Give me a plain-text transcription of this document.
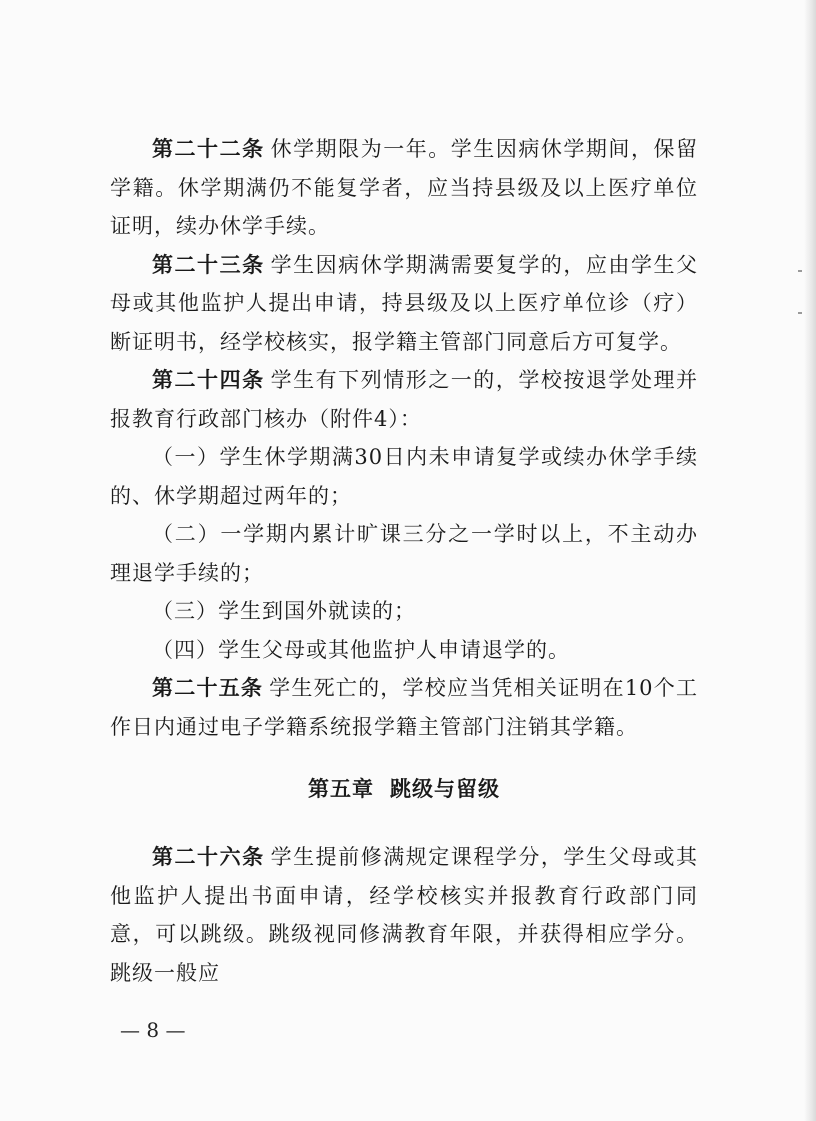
第二十二条 休学期限为一年。学生因病休学期间，保留学籍。休学期满仍不能复学者，应当持县级及以上医疗单位证明，续办休学手续。

第二十三条 学生因病休学期满需要复学的，应由学生父母或其他监护人提出申请，持县级及以上医疗单位诊（疗）断证明书，经学校核实，报学籍主管部门同意后方可复学。

第二十四条 学生有下列情形之一的，学校按退学处理并报教育行政部门核办（附件4）：

（一）学生休学期满30日内未申请复学或续办休学手续的、休学期超过两年的；

（二）一学期内累计旷课三分之一学时以上，不主动办理退学手续的；

（三）学生到国外就读的；

（四）学生父母或其他监护人申请退学的。

第二十五条 学生死亡的，学校应当凭相关证明在10个工作日内通过电子学籍系统报学籍主管部门注销其学籍。

第五章 跳级与留级

第二十六条 学生提前修满规定课程学分，学生父母或其他监护人提出书面申请，经学校核实并报教育行政部门同意，可以跳级。跳级视同修满教育年限，并获得相应学分。跳级一般应

— 8 —
